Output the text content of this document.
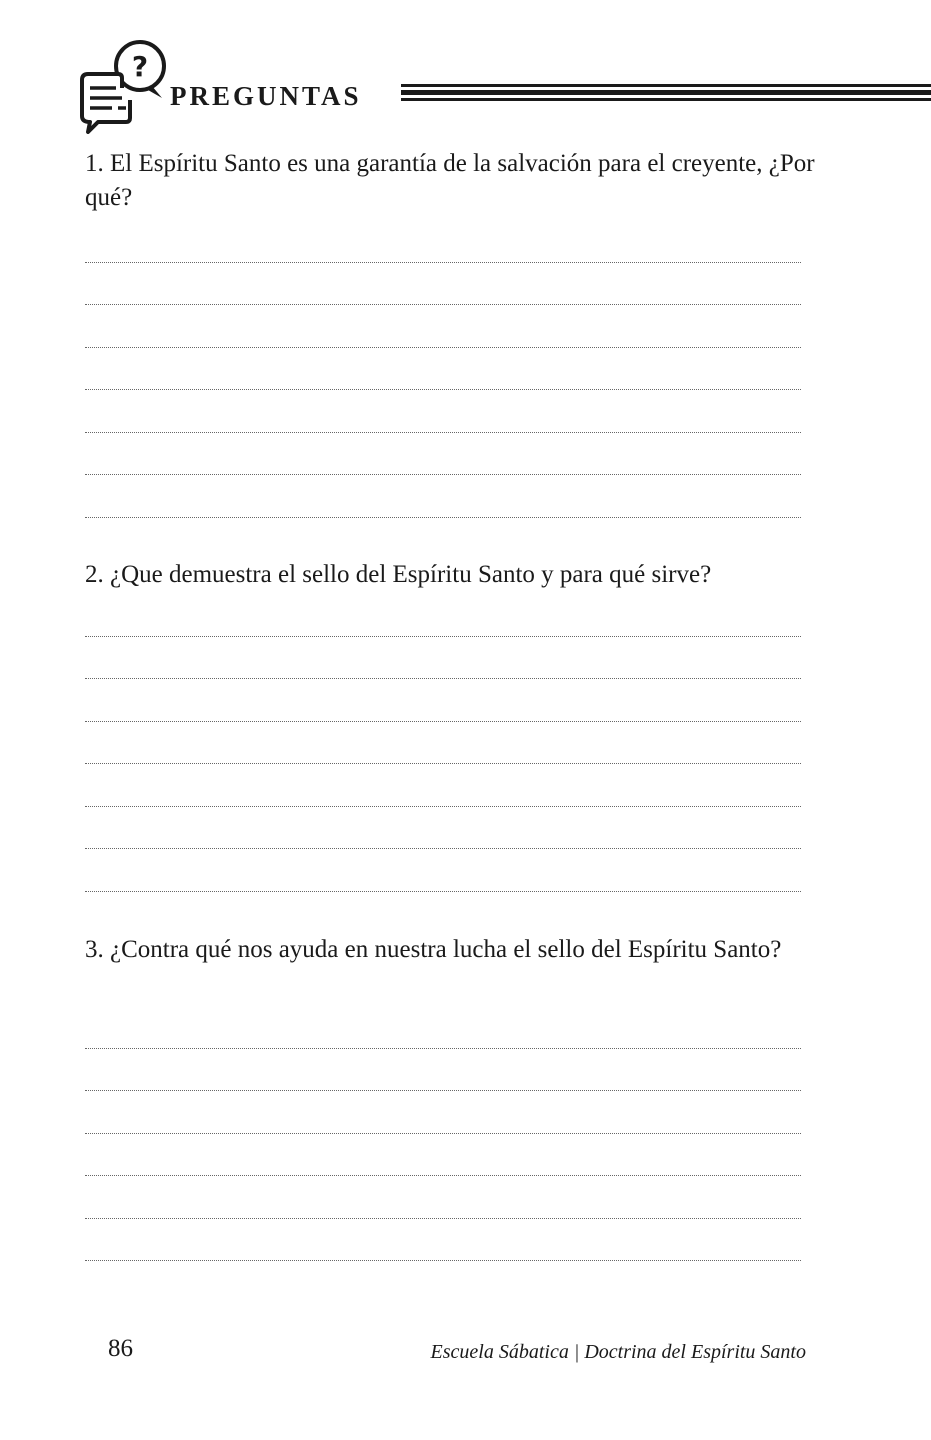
?
PREGUNTAS

1. El Espíritu Santo es una garantía de la salvación para el creyente, ¿Por qué?

2. ¿Que demuestra el sello del Espíritu Santo y para qué sirve?

3. ¿Contra qué nos ayuda en nuestra lucha el sello del Espíritu Santo?

86	Escuela Sábatica | Doctrina del Espíritu Santo
